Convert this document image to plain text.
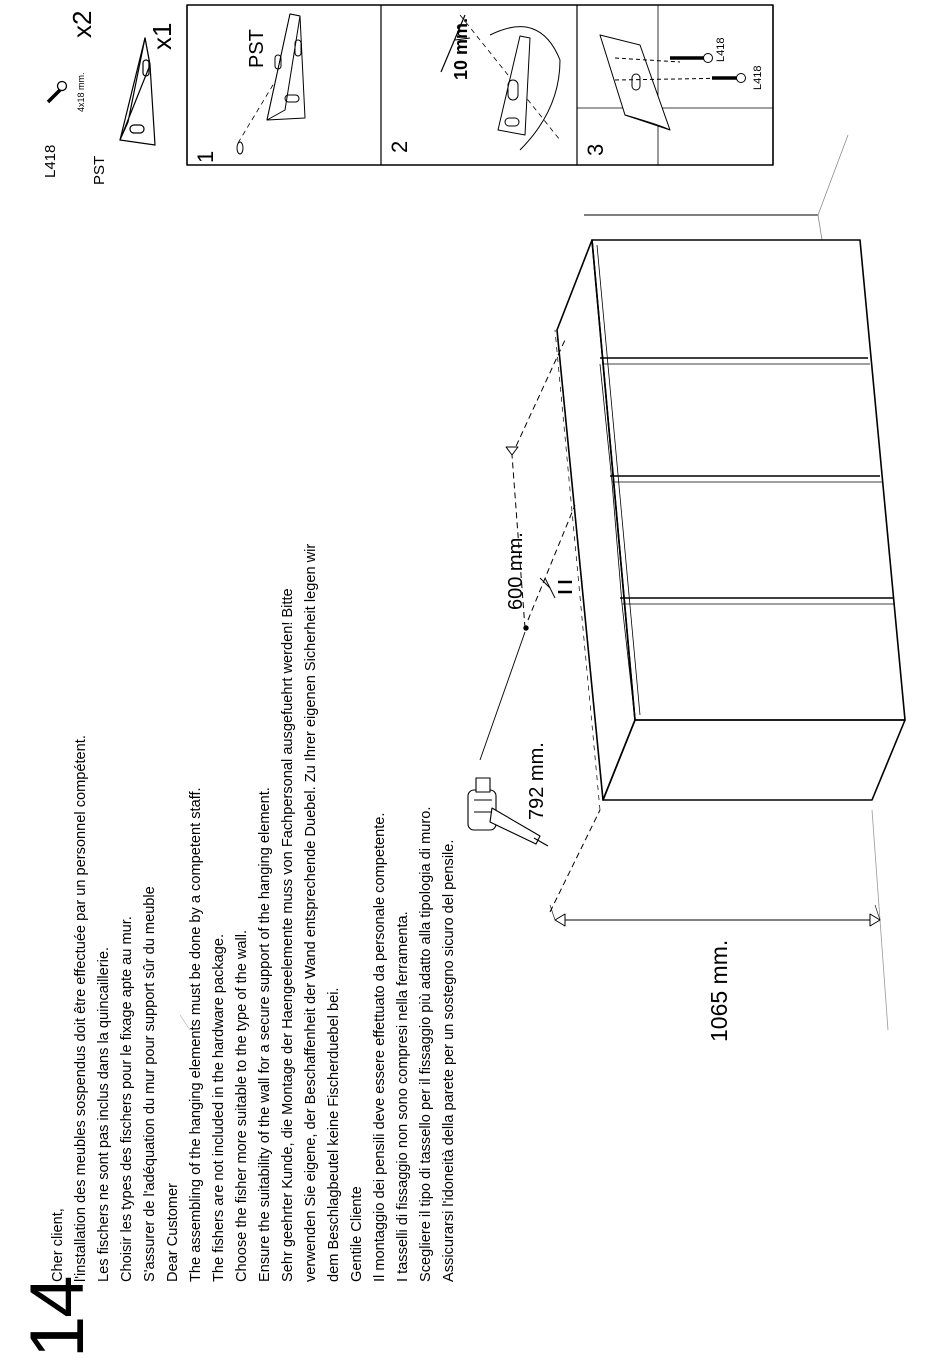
14
Cher client, l'installation des meubles sospendus doit être effectuée par un personnel compétent. Les fischers ne sont pas inclus dans la quincaillerie. Choisir les types des fischers pour le fixage apte au mur. S'assurer de l'adéquation du mur pour support sûr du meuble Dear Customer The assembling of the hanging elements must be done by a competent staff. The fishers are not included in the hardware package. Choose the fisher more suitable to the type of the wall. Ensure the suitability of the wall for a secure support of the hanging element. Sehr geehrter Kunde, die Montage der Haengeelemente muss von Fachpersonal ausgefuehrt werden! Bitte verwenden Sie eigene, der Beschaffenheit der Wand entsprechende Duebel. Zu Ihrer eigenen Sicherheit legen wir dem Beschlagbeutel keine Fischerduebel bei. Gentile Cliente Il montaggio dei pensili deve essere effettuato da personale competente. I tasselli di fissaggio non sono compresi nella ferramenta. Scegliere il tipo di tassello per il fissaggio più adatto alla tipologia di muro. Assicurarsi l'idoneità della parete per un sostegno sicuro del pensile.	1065 mm.
792 mm.
600 mm.
L418
4x18 mm.
x2
PST
x1
1
PST
2
10 mm.
3
L418
L418
